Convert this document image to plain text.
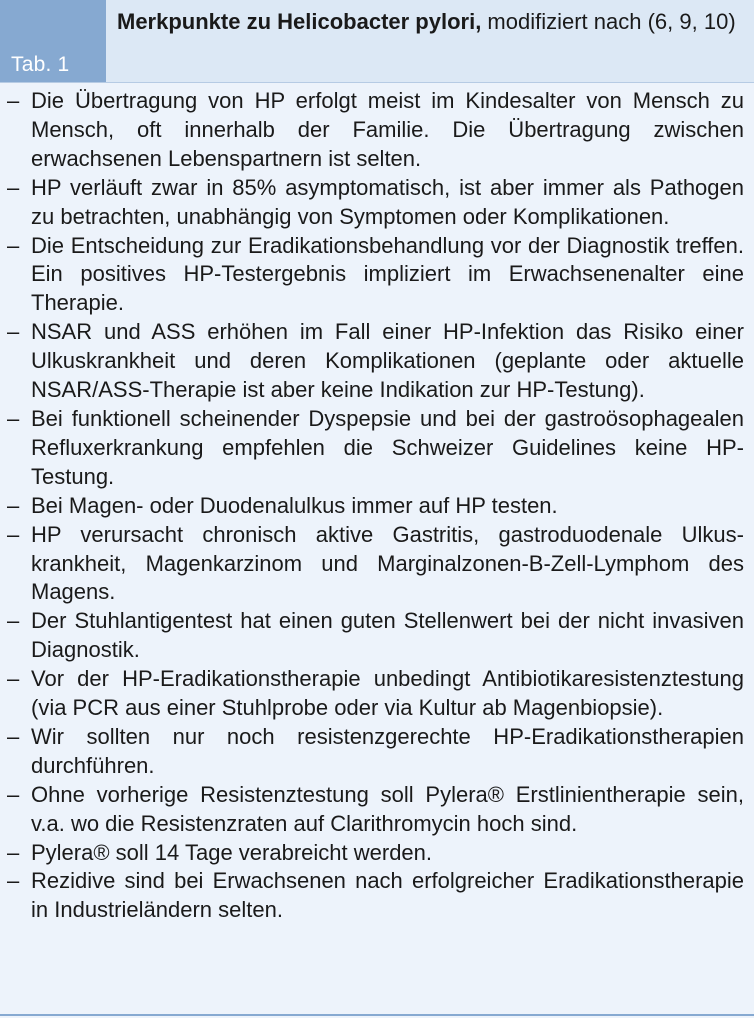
Tab. 1
Merkpunkte zu Helicobacter pylori, modifiziert nach (6, 9, 10)
– Die Übertragung von HP erfolgt meist im Kindesalter von Mensch zu Mensch, oft innerhalb der Familie. Die Übertragung zwischen erwachsenen Lebenspartnern ist selten.
– HP verläuft zwar in 85% asymptomatisch, ist aber immer als Pathogen zu betrachten, unabhängig von Symptomen oder Komplikationen.
– Die Entscheidung zur Eradikationsbehandlung vor der Diagnostik treffen. Ein positives HP-Testergebnis impliziert im Erwachsenenalter eine Therapie.
– NSAR und ASS erhöhen im Fall einer HP-Infektion das Risiko einer Ulkuskrankheit und deren Komplikationen (geplante oder aktuelle NSAR/ASS-Therapie ist aber keine Indikation zur HP-Testung).
– Bei funktionell scheinender Dyspepsie und bei der gastroösophagealen Refluxerkrankung empfehlen die Schweizer Guidelines keine HP-Testung.
– Bei Magen- oder Duodenalulkus immer auf HP testen.
– HP verursacht chronisch aktive Gastritis, gastroduodenale Ulkuskrankheit, Magenkarzinom und Marginalzonen-B-Zell-Lymphom des Magens.
– Der Stuhlantigentest hat einen guten Stellenwert bei der nicht invasiven Diagnostik.
– Vor der HP-Eradikationstherapie unbedingt Antibiotikaresistenztestung (via PCR aus einer Stuhlprobe oder via Kultur ab Magenbiopsie).
– Wir sollten nur noch resistenzgerechte HP-Eradikationstherapien durchführen.
– Ohne vorherige Resistenztestung soll Pylera® Erstlinientherapie sein, v.a. wo die Resistenzraten auf Clarithromycin hoch sind.
– Pylera® soll 14 Tage verabreicht werden.
– Rezidive sind bei Erwachsenen nach erfolgreicher Eradikationstherapie in Industrieländern selten.
